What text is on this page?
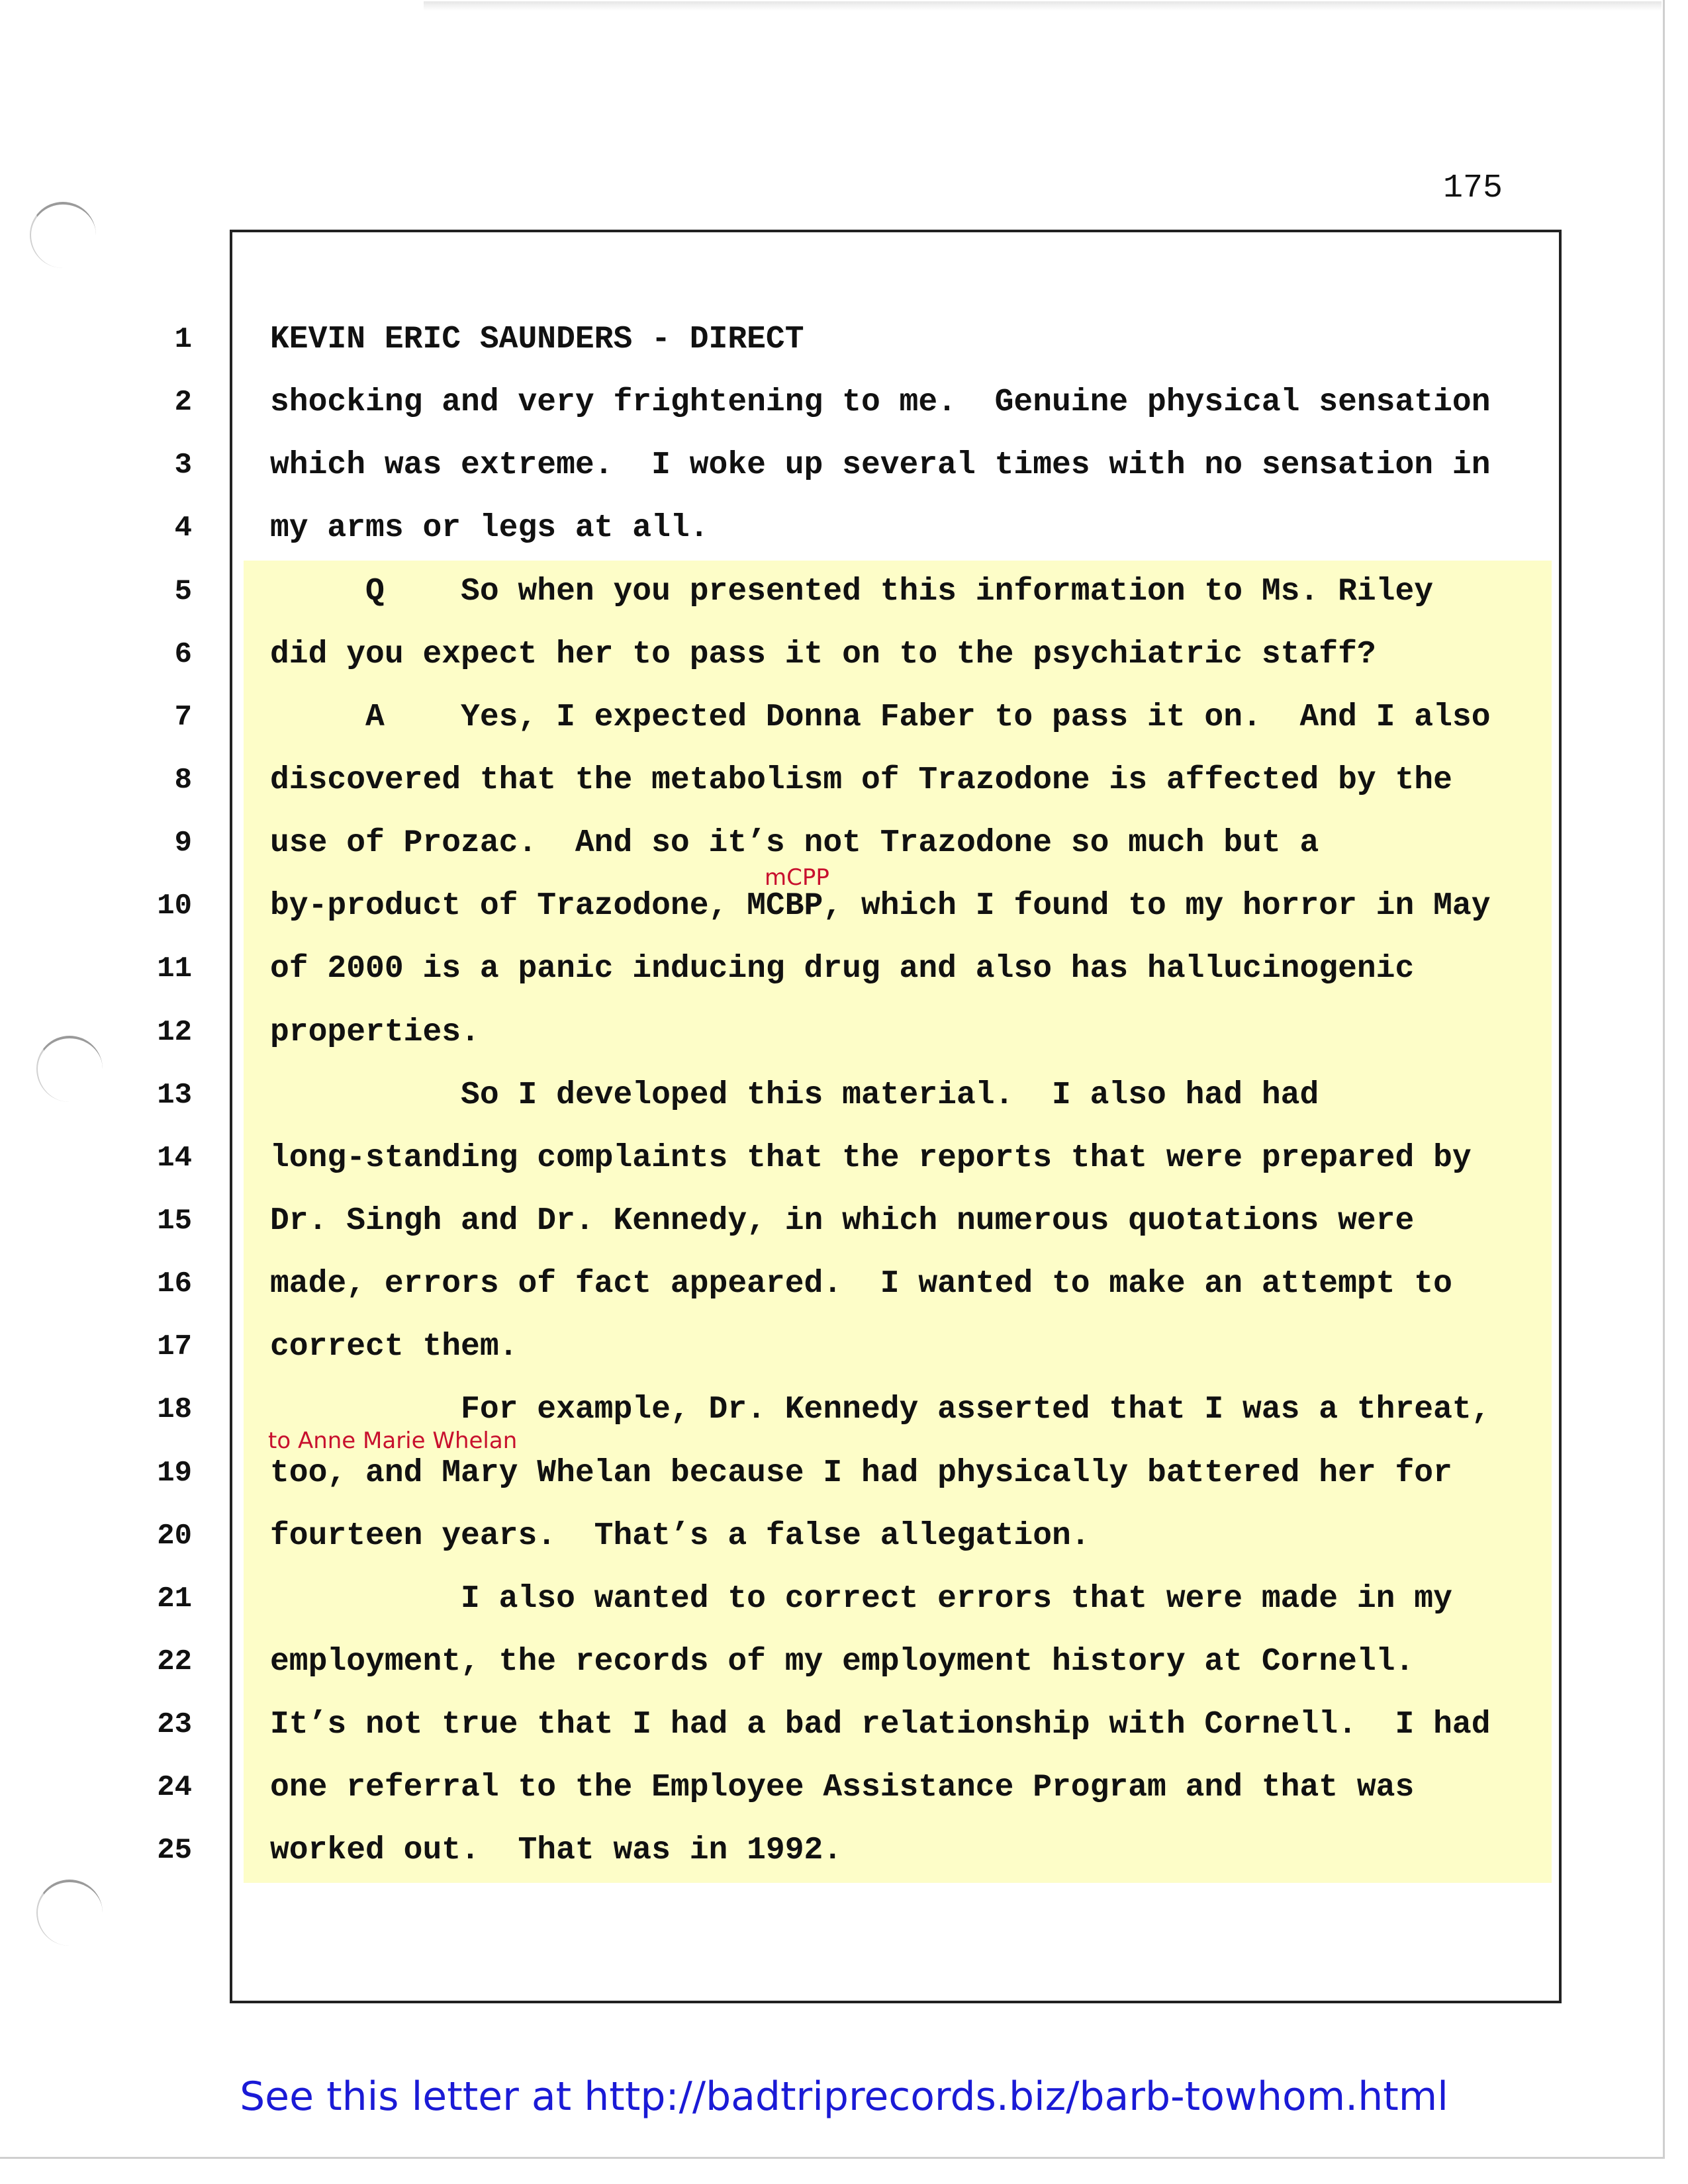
175
1
2
3
4
5
6
7
8
9
10
11
12
13
14
15
16
17
18
19
20
21
22
23
24
25
KEVIN ERIC SAUNDERS - DIRECT
shocking and very frightening to me.  Genuine physical sensation
which was extreme.  I woke up several times with no sensation in
my arms or legs at all.
Q    So when you presented this information to Ms. Riley
did you expect her to pass it on to the psychiatric staff?
A    Yes, I expected Donna Faber to pass it on.  And I also
discovered that the metabolism of Trazodone is affected by the
use of Prozac.  And so it’s not Trazodone so much but a
by-product of Trazodone, MCBP, which I found to my horror in May
of 2000 is a panic inducing drug and also has hallucinogenic
properties.
So I developed this material.  I also had had
long-standing complaints that the reports that were prepared by
Dr. Singh and Dr. Kennedy, in which numerous quotations were
made, errors of fact appeared.  I wanted to make an attempt to
correct them.
For example, Dr. Kennedy asserted that I was a threat,
too, and Mary Whelan because I had physically battered her for
fourteen years.  That’s a false allegation.
I also wanted to correct errors that were made in my
employment, the records of my employment history at Cornell.
It’s not true that I had a bad relationship with Cornell.  I had
one referral to the Employee Assistance Program and that was
worked out.  That was in 1992.
mCPP
to Anne Marie Whelan
See this letter at http://badtriprecords.biz/barb-towhom.html
